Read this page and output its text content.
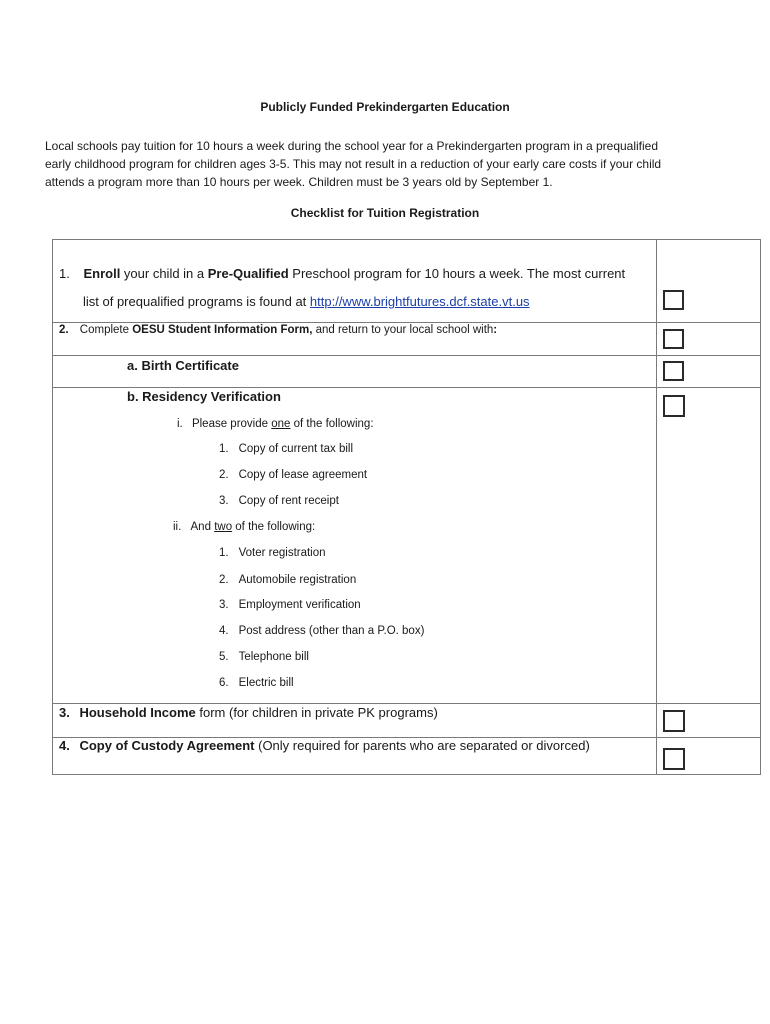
Publicly Funded Prekindergarten Education
Local schools pay tuition for 10 hours a week during the school year for a Prekindergarten program in a prequalified
early childhood program for children ages 3-5. This may not result in a reduction of your early care costs if your child
attends a program more than 10 hours per week. Children must be 3 years old by September 1.
Checklist for Tuition Registration
1. Enroll your child in a Pre-Qualified Preschool program for 10 hours a week. The most current
list of prequalified programs is found at http://www.brightfutures.dcf.state.vt.us
2. Complete OESU Student Information Form, and return to your local school with:
a. Birth Certificate
b. Residency Verification
i. Please provide one of the following:
1. Copy of current tax bill
2. Copy of lease agreement
3. Copy of rent receipt
ii. And two of the following:
1. Voter registration
2. Automobile registration
3. Employment verification
4. Post address (other than a P.O. box)
5. Telephone bill
6. Electric bill
3. Household Income form (for children in private PK programs)
4. Copy of Custody Agreement (Only required for parents who are separated or divorced)
